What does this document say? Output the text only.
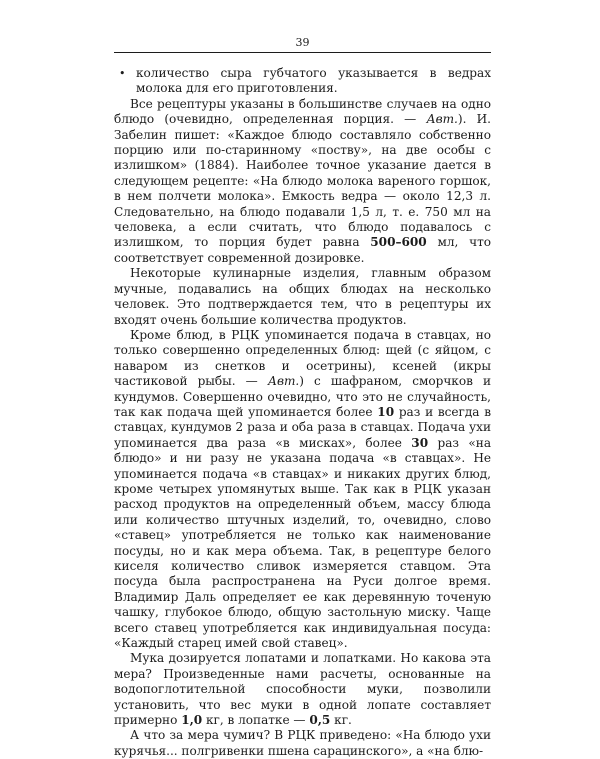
39

• количество сыра губчатого указывается в ведрах молока для его приготовления.

Все рецептуры указаны в большинстве случаев на одно блюдо (очевидно, определенная порция. — Авт.). И. Забелин пишет: «Каждое блюдо составляло собственно порцию или по-старинному «поству», на две особы с излишком» (1884). Наиболее точное указание дается в следующем рецепте: «На блюдо молока вареного горшок, в нем полчети молока». Емкость ведра — около 12,3 л. Следовательно, на блюдо подавали 1,5 л, т. е. 750 мл на человека, а если считать, что блюдо подавалось с излишком, то порция будет равна 500–600 мл, что соответствует современной дозировке.

Некоторые кулинарные изделия, главным образом мучные, подавались на общих блюдах на несколько человек. Это подтверждается тем, что в рецептуры их входят очень большие количества продуктов.

Кроме блюд, в РЦК упоминается подача в ставцах, но только совершенно определенных блюд: щей (с яйцом, с наваром из снетков и осетрины), ксеней (икры частиковой рыбы. — Авт.) с шафраном, сморчков и кундумов. Совершенно очевидно, что это не случайность, так как подача щей упоминается более 10 раз и всегда в ставцах, кундумов 2 раза и оба раза в ставцах. Подача ухи упоминается два раза «в мисках», более 30 раз «на блюдо» и ни разу не указана подача «в ставцах». Не упоминается подача «в ставцах» и никаких других блюд, кроме четырех упомянутых выше. Так как в РЦК указан расход продуктов на определенный объем, массу блюда или количество штучных изделий, то, очевидно, слово «ставец» употребляется не только как наименование посуды, но и как мера объема. Так, в рецептуре белого киселя количество сливок измеряется ставцом. Эта посуда была распространена на Руси долгое время. Владимир Даль определяет ее как деревянную точеную чашку, глубокое блюдо, общую застольную миску. Чаще всего ставец употребляется как индивидуальная посуда: «Каждый старец имей свой ставец».

Мука дозируется лопатами и лопатками. Но какова эта мера? Произведенные нами расчеты, основанные на водопоглотительной способности муки, позволили установить, что вес муки в одной лопате составляет примерно 1,0 кг, в лопатке — 0,5 кг.

А что за мера чумич? В РЦК приведено: «На блюдо ухи курячья... полгривенки пшена сарацинского», а «на блю-
